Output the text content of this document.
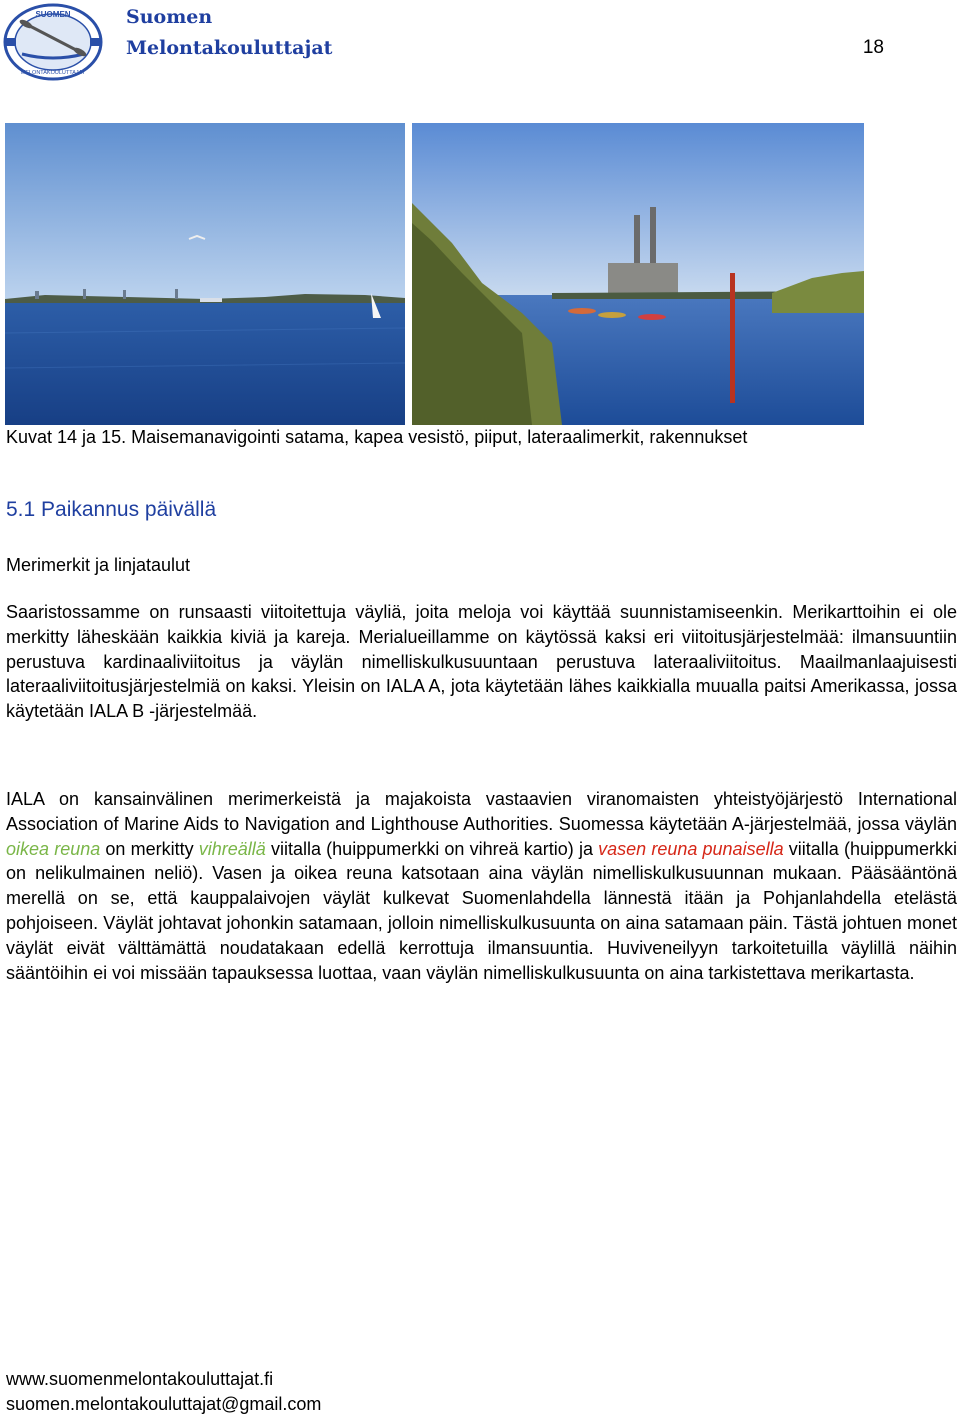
SUOMEN
MELONTAKOULUTTAJAT
Suomen
Melontakouluttajat	18
Kuvat 14 ja 15. Maisemanavigointi satama, kapea vesistö, piiput, lateraalimerkit, rakennukset
5.1 Paikannus päivällä
Merimerkit ja linjataulut

Saaristossamme on runsaasti viitoitettuja väyliä, joita meloja voi käyttää suunnistamiseenkin. Merikarttoihin ei ole merkitty läheskään kaikkia kiviä ja kareja. Merialueillamme on käytössä kaksi eri viitoitusjärjestelmää: ilmansuuntiin perustuva kardinaaliviitoitus ja väylän nimelliskulkusuuntaan perustuva lateraaliviitoitus. Maailmanlaajuisesti lateraaliviitoitusjärjestelmiä on kaksi. Yleisin on IALA A, jota käytetään lähes kaikkialla muualla paitsi Amerikassa, jossa käytetään IALA B -järjestelmää.

IALA on kansainvälinen merimerkeistä ja majakoista vastaavien viranomaisten yhteistyöjärjestö International Association of Marine Aids to Navigation and Lighthouse Authorities. Suomessa käytetään A-järjestelmää, jossa väylän oikea reuna on merkitty vihreällä viitalla (huippumerkki on vihreä kartio) ja vasen reuna punaisella viitalla (huippumerkki on nelikulmainen neliö). Vasen ja oikea reuna katsotaan aina väylän nimelliskulkusuunnan mukaan. Pääsääntönä merellä on se, että kauppalaivojen väylät kulkevat Suomenlahdella lännestä itään ja Pohjanlahdella etelästä pohjoiseen. Väylät johtavat johonkin satamaan, jolloin nimelliskulkusuunta on aina satamaan päin. Tästä johtuen monet väylät eivät välttämättä noudatakaan edellä kerrottuja ilmansuuntia. Huviveneilyyn tarkoitetuilla väylillä näihin sääntöihin ei voi missään tapauksessa luottaa, vaan väylän nimelliskulkusuunta on aina tarkistettava merikartasta.

www.suomenmelontakouluttajat.fi
suomen.melontakouluttajat@gmail.com
